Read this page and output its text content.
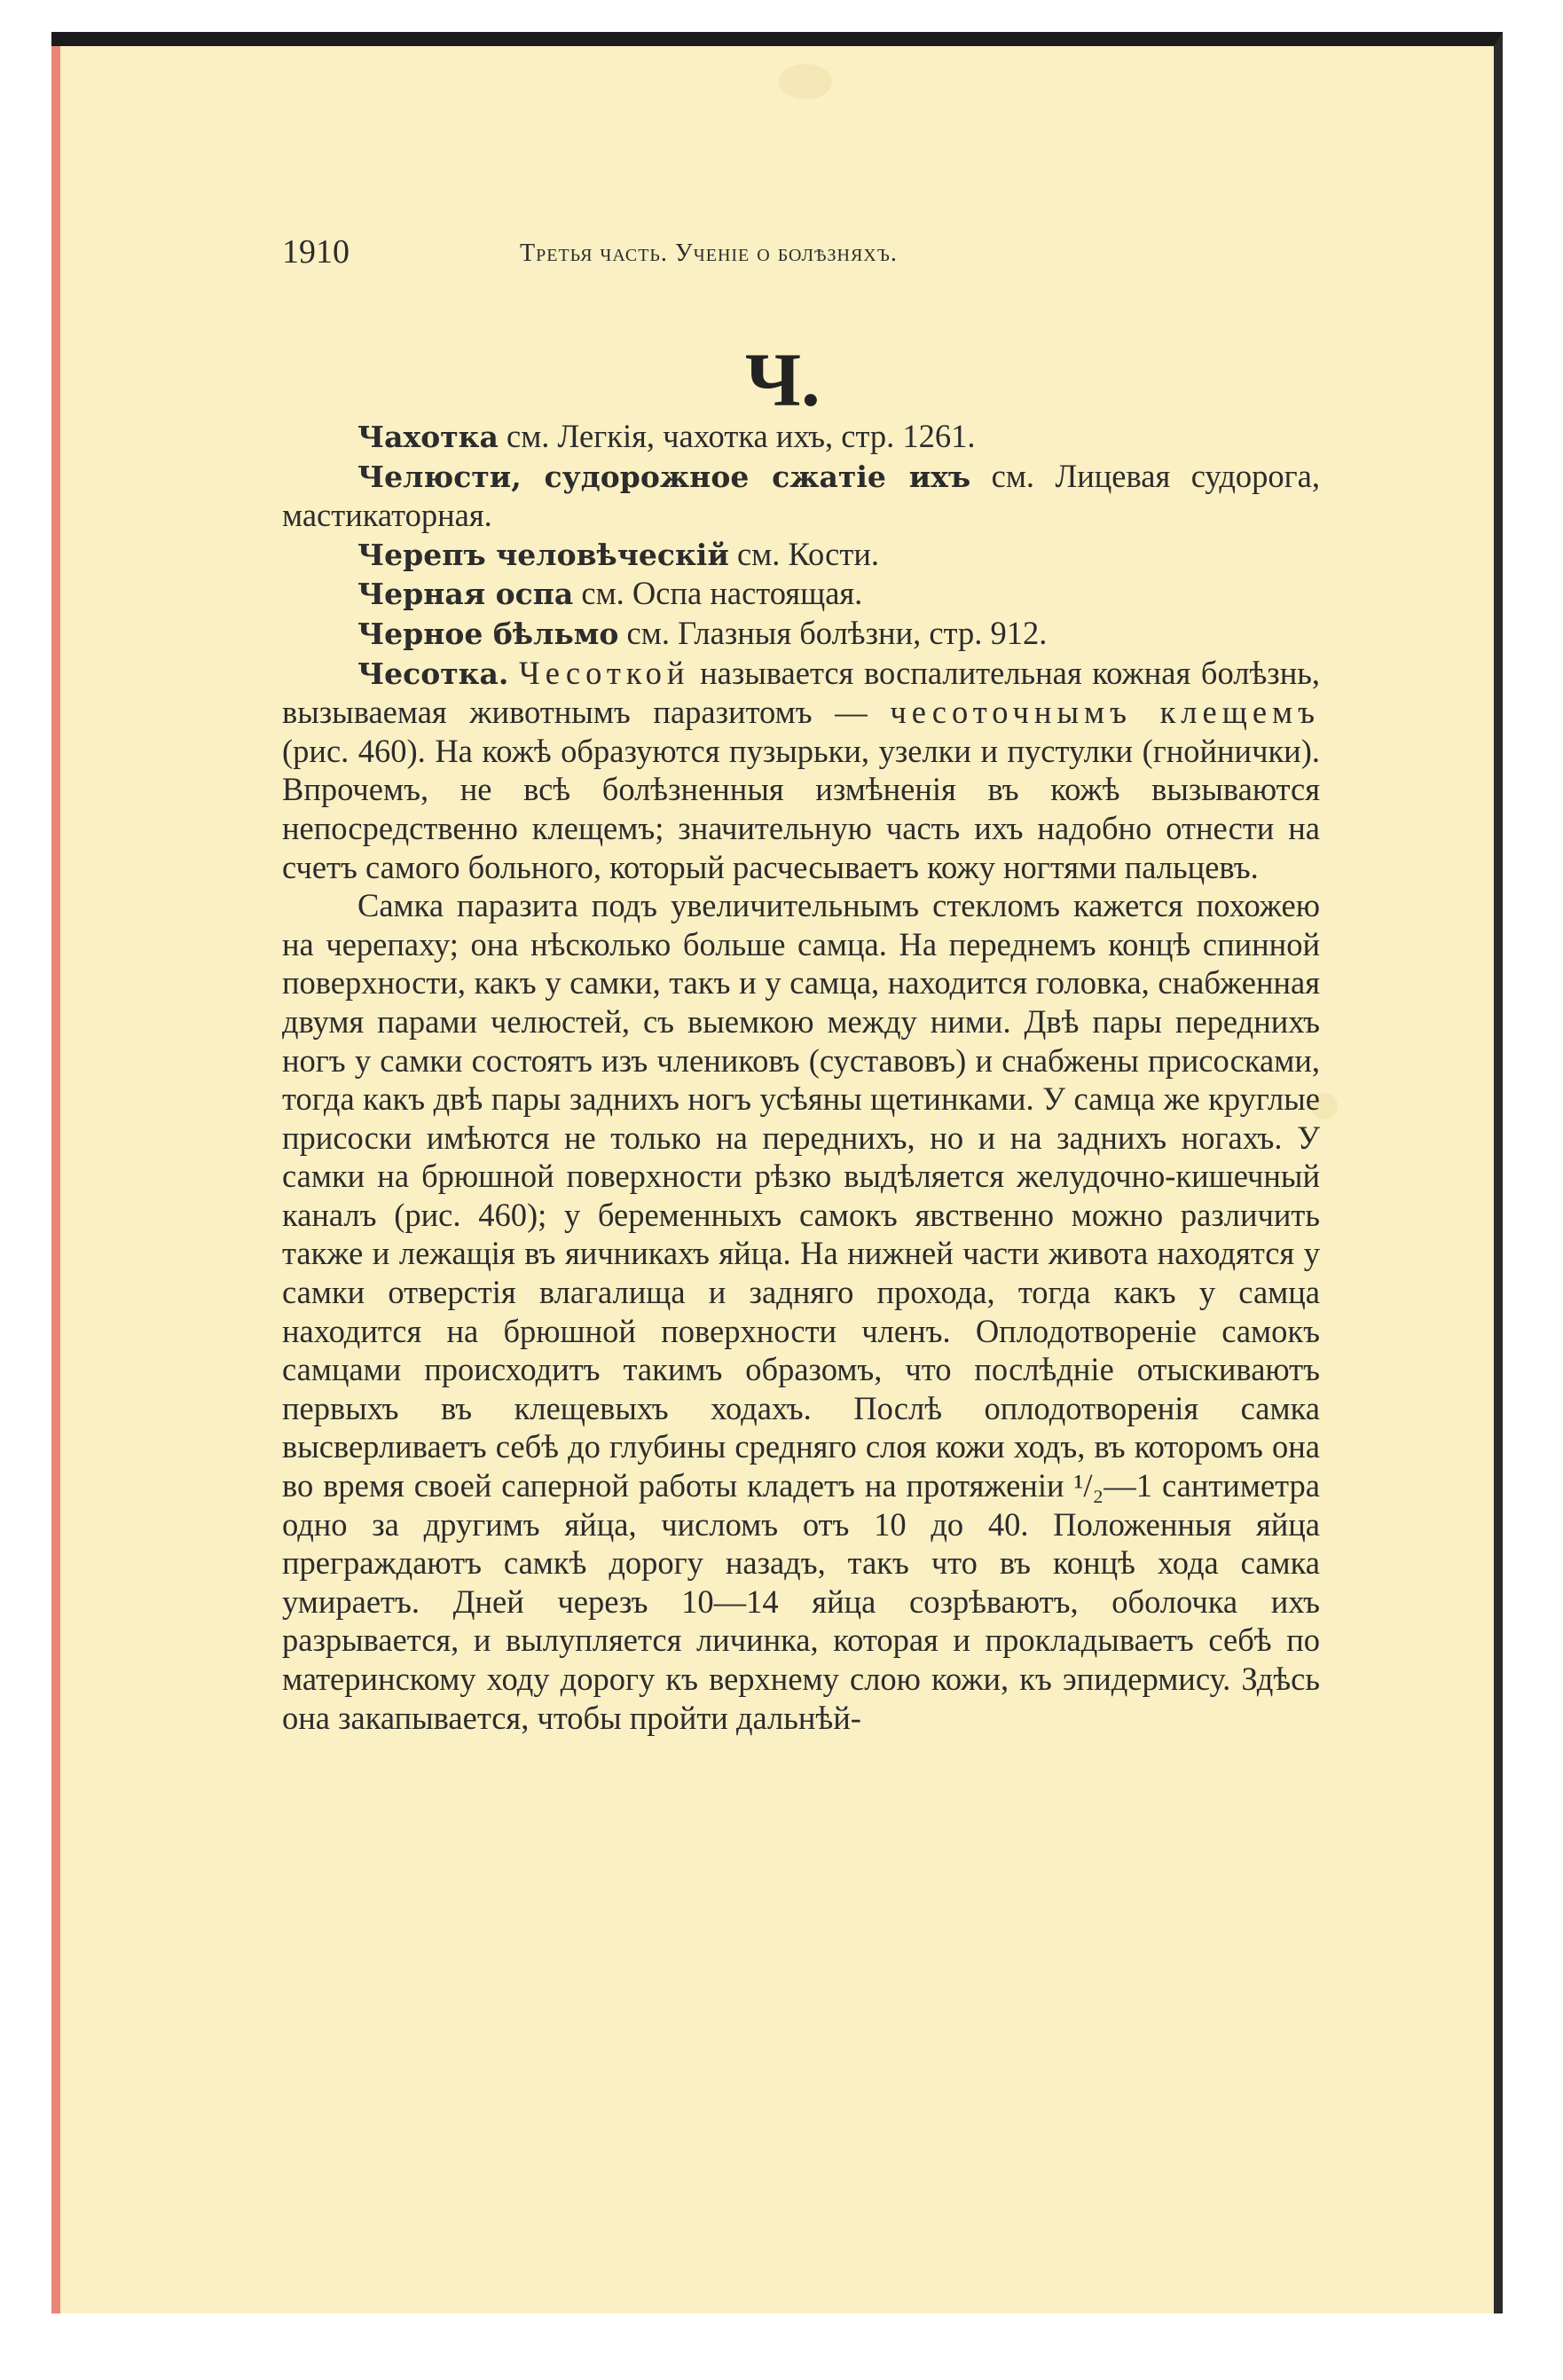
1910	Третья часть. Ученіе о болѣзняхъ.
Ч.

Чахотка см. Легкія, чахотка ихъ, стр. 1261.

Челюсти, судорожное сжатіе ихъ см. Лицевая судорога, мастикаторная.

Черепъ человѣческій см. Кости.

Черная оспа см. Оспа настоящая.

Черное бѣльмо см. Глазныя болѣзни, стр. 912.

Чесоткa. Чесоткой называется воспалительная кожная болѣзнь, вызываемая животнымъ паразитомъ — чесоточнымъ клещемъ (рис. 460). На кожѣ образуются пузырьки, узелки и пустулки (гнойнички). Впрочемъ, не всѣ болѣзненныя измѣненія въ кожѣ вызываются непосредственно клещемъ; значительную часть ихъ надобно отнести на счетъ самого больного, который расчесываетъ кожу ногтями пальцевъ.

Самка паразита подъ увеличительнымъ стекломъ кажется похожею на черепаху; она нѣсколько больше самца. На переднемъ концѣ спинной поверхности, какъ у самки, такъ и у самца, находится головка, снабженная двумя парами челюстей, съ выемкою между ними. Двѣ пары переднихъ ногъ у самки состоятъ изъ члениковъ (суставовъ) и снабжены присосками, тогда какъ двѣ пары заднихъ ногъ усѣяны щетинками. У самца же круглые присоски имѣются не только на переднихъ, но и на заднихъ ногахъ. У самки на брюшной поверхности рѣзко выдѣляется желудочно-кишечный каналъ (рис. 460); у беременныхъ самокъ явственно можно различить также и лежащія въ яичникахъ яйца. На нижней части живота находятся у самки отверстія влагалища и задняго прохода, тогда какъ у самца находится на брюшной поверхности членъ. Оплодотвореніе самокъ самцами происходитъ такимъ образомъ, что послѣдніе отыскиваютъ первыхъ въ клещевыхъ ходахъ. Послѣ оплодотворенія самка высверливаетъ себѣ до глубины средняго слоя кожи ходъ, въ которомъ она во время своей саперной работы кладетъ на протяженіи ¹/₂—1 сантиметра одно за другимъ яйца, числомъ отъ 10 до 40. Положенныя яйца преграждаютъ самкѣ дорогу назадъ, такъ что въ концѣ хода самка умираетъ. Дней черезъ 10—14 яйца созрѣваютъ, оболочка ихъ разрывается, и вылупляется личинка, которая и прокладываетъ себѣ по материнскому ходу дорогу къ верхнему слою кожи, къ эпидермису. Здѣсь она закапывается, чтобы пройти дальнѣй-
